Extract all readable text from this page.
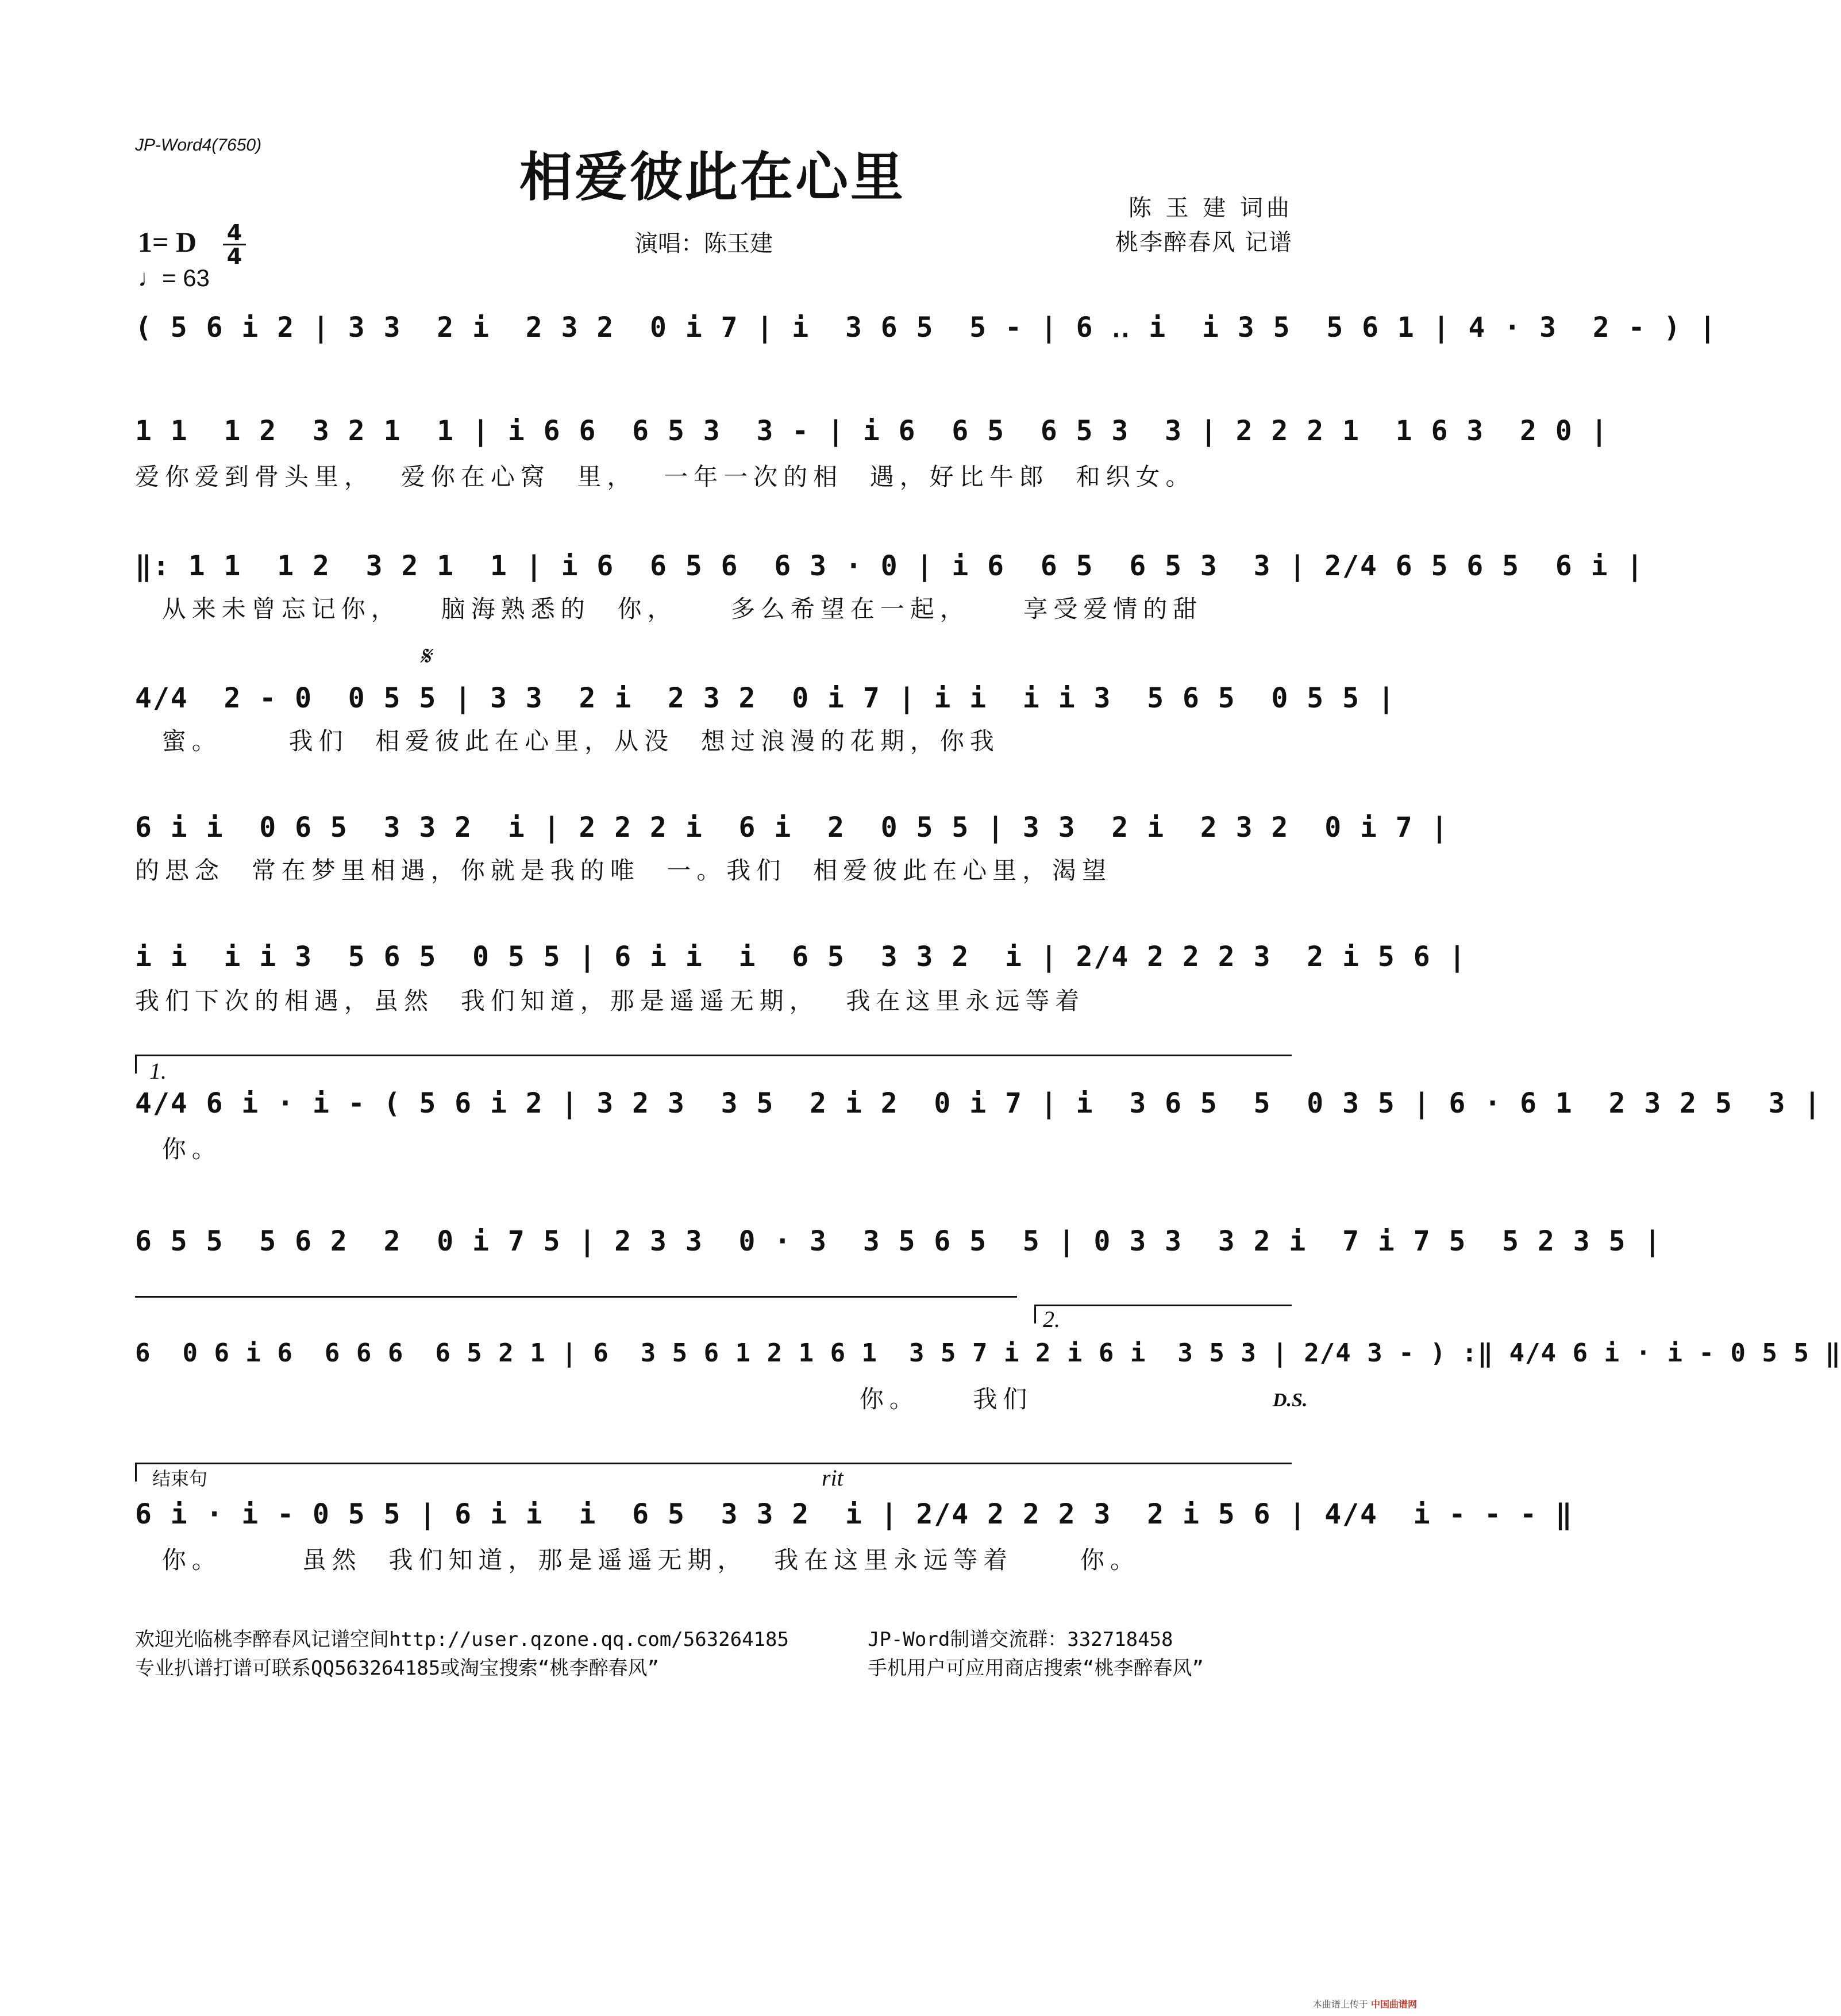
JP-Word4(7650)
相爱彼此在心里	陈 玉 建 词曲
桃李醉春风 记谱
演唱：陈玉建
1= D 4
4
♩= 63
( 5 6 i 2 | 3 3  2 i  2 3 2  0 i 7 | i  3 6 5  5 - | 6 ‥ i  i 3 5  5 6 1 | 4 · 3  2 - ) |
1 1  1 2  3 2 1  1 | i 6 6  6 5 3  3 - | i 6  6 5  6 5 3  3 | 2 2 2 1  1 6 3  2 0 |
爱你爱到骨头里，  爱你在心窝  里，  一年一次的相  遇，好比牛郎  和织女。
‖: 1 1  1 2  3 2 1  1 | i 6  6 5 6  6 3 · 0 | i 6  6 5  6 5 3  3 | 2/4 6 5 6 5  6 i |
从来未曾忘记你，   脑海熟悉的  你，    多么希望在一起，    享受爱情的甜
𝄋
4/4  2 - 0  0 5 5 | 3 3  2 i  2 3 2  0 i 7 | i i  i i 3  5 6 5  0 5 5 |
蜜。     我们  相爱彼此在心里，从没  想过浪漫的花期，你我
6 i i  0 6 5  3 3 2  i | 2 2 2 i  6 i  2  0 5 5 | 3 3  2 i  2 3 2  0 i 7 |
的思念  常在梦里相遇，你就是我的唯  一。我们  相爱彼此在心里，渴望
i i  i i 3  5 6 5  0 5 5 | 6 i i  i  6 5  3 3 2  i | 2/4 2 2 2 3  2 i 5 6 |
我们下次的相遇，虽然  我们知道，那是遥遥无期，  我在这里永远等着
1.
4/4 6 i · i - ( 5 6 i 2 | 3 2 3  3 5  2 i 2  0 i 7 | i  3 6 5  5  0 3 5 | 6 · 6 1  2 3 2 5  3 |
你。
6 5 5  5 6 2  2  0 i 7 5 | 2 3 3  0 · 3  3 5 6 5  5 | 0 3 3  3 2 i  7 i 7 5  5 2 3 5 |
2.
6  0 6 i 6  6 6 6  6 5 2 1 | 6  3 5 6 1 2 1 6 1  3 5 7 i 2 i 6 i  3 5 3 | 2/4 3 - ) :‖ 4/4 6 i · i - 0 5 5 ‖
你。    我们	D.S.
结束句	rit
6 i · i - 0 5 5 | 6 i i  i  6 5  3 3 2  i | 2/4 2 2 2 3  2 i 5 6 | 4/4  i - - - ‖
你。      虽然  我们知道，那是遥遥无期，  我在这里永远等着     你。
欢迎光临桃李醉春风记谱空间http://user.qzone.qq.com/563264185	JP-Word制谱交流群：332718458
专业扒谱打谱可联系QQ563264185或淘宝搜索“桃李醉春风”	手机用户可应用商店搜索“桃李醉春风”
本曲谱上传于 中国曲谱网
